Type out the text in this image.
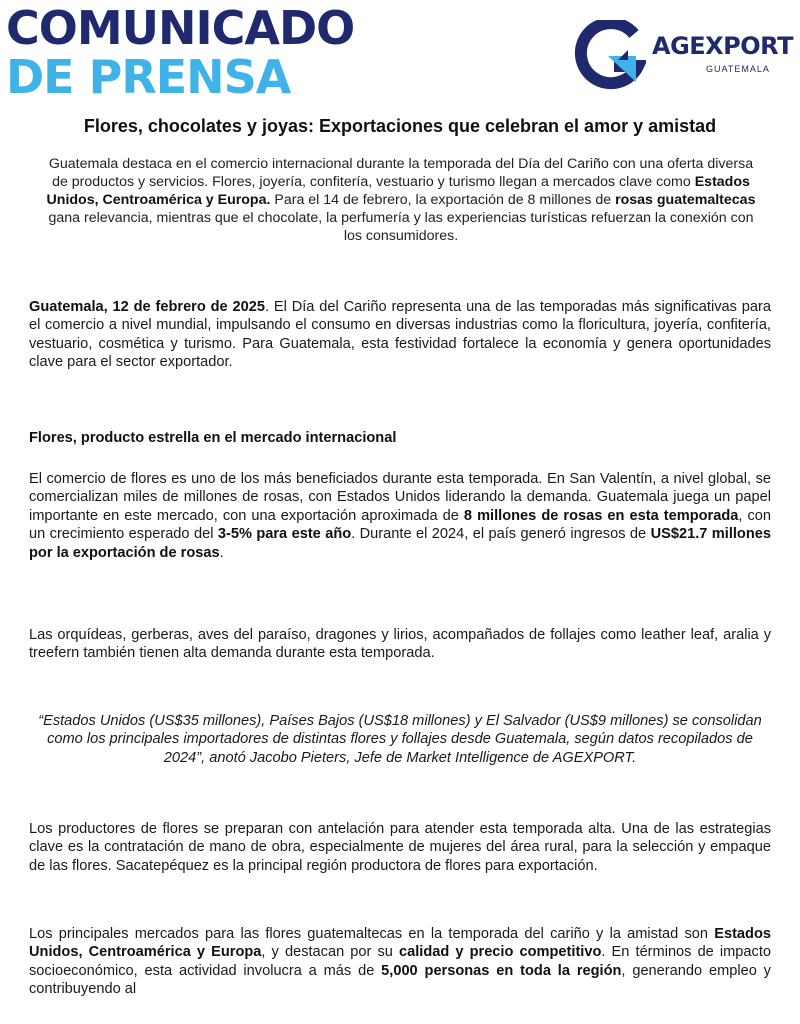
COMUNICADO
DE PRENSA
AGEXPORT
GUATEMALA
Flores, chocolates y joyas: Exportaciones que celebran el amor y amistad
Guatemala destaca en el comercio internacional durante la temporada del Día del Cariño con una oferta diversa de productos y servicios. Flores, joyería, confitería, vestuario y turismo llegan a mercados clave como Estados Unidos, Centroamérica y Europa. Para el 14 de febrero, la exportación de 8 millones de rosas guatemaltecas gana relevancia, mientras que el chocolate, la perfumería y las experiencias turísticas refuerzan la conexión con los consumidores.
Guatemala, 12 de febrero de 2025. El Día del Cariño representa una de las temporadas más significativas para el comercio a nivel mundial, impulsando el consumo en diversas industrias como la floricultura, joyería, confitería, vestuario, cosmética y turismo. Para Guatemala, esta festividad fortalece la economía y genera oportunidades clave para el sector exportador.
Flores, producto estrella en el mercado internacional
El comercio de flores es uno de los más beneficiados durante esta temporada. En San Valentín, a nivel global, se comercializan miles de millones de rosas, con Estados Unidos liderando la demanda. Guatemala juega un papel importante en este mercado, con una exportación aproximada de 8 millones de rosas en esta temporada, con un crecimiento esperado del 3-5% para este año. Durante el 2024, el país generó ingresos de US$21.7 millones por la exportación de rosas.
Las orquídeas, gerberas, aves del paraíso, dragones y lirios, acompañados de follajes como leather leaf, aralia y treefern también tienen alta demanda durante esta temporada.
“Estados Unidos (US$35 millones), Países Bajos (US$18 millones) y El Salvador (US$9 millones) se consolidan como los principales importadores de distintas flores y follajes desde Guatemala, según datos recopilados de 2024”, anotó Jacobo Pieters, Jefe de Market Intelligence de AGEXPORT.
Los productores de flores se preparan con antelación para atender esta temporada alta. Una de las estrategias clave es la contratación de mano de obra, especialmente de mujeres del área rural, para la selección y empaque de las flores. Sacatepéquez es la principal región productora de flores para exportación.
Los principales mercados para las flores guatemaltecas en la temporada del cariño y la amistad son Estados Unidos, Centroamérica y Europa, y destacan por su calidad y precio competitivo. En términos de impacto socioeconómico, esta actividad involucra a más de 5,000 personas en toda la región, generando empleo y contribuyendo al
